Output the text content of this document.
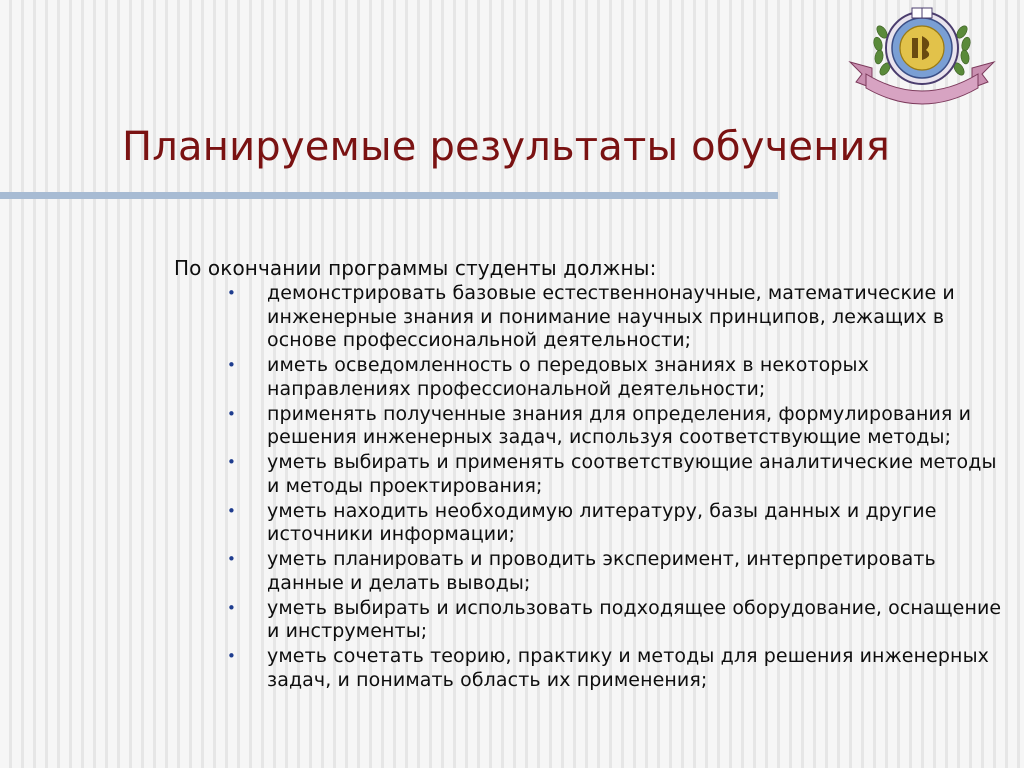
Планируемые результаты обучения

По окончании программы студенты должны:

• демонстрировать базовые естественнонаучные, математические и инженерные знания и понимание научных принципов, лежащих в основе профессиональной деятельности;
• иметь осведомленность о передовых знаниях в некоторых направлениях профессиональной деятельности;
• применять полученные знания для определения, формулирования и решения инженерных задач, используя соответствующие методы;
• уметь выбирать и применять соответствующие аналитические методы и методы проектирования;
• уметь находить необходимую литературу, базы данных и другие источники информации;
• уметь планировать и проводить эксперимент, интерпретировать данные и делать выводы;
• уметь выбирать и использовать подходящее оборудование, оснащение и инструменты;
• уметь сочетать теорию, практику и методы для решения инженерных задач, и понимать область их применения;
